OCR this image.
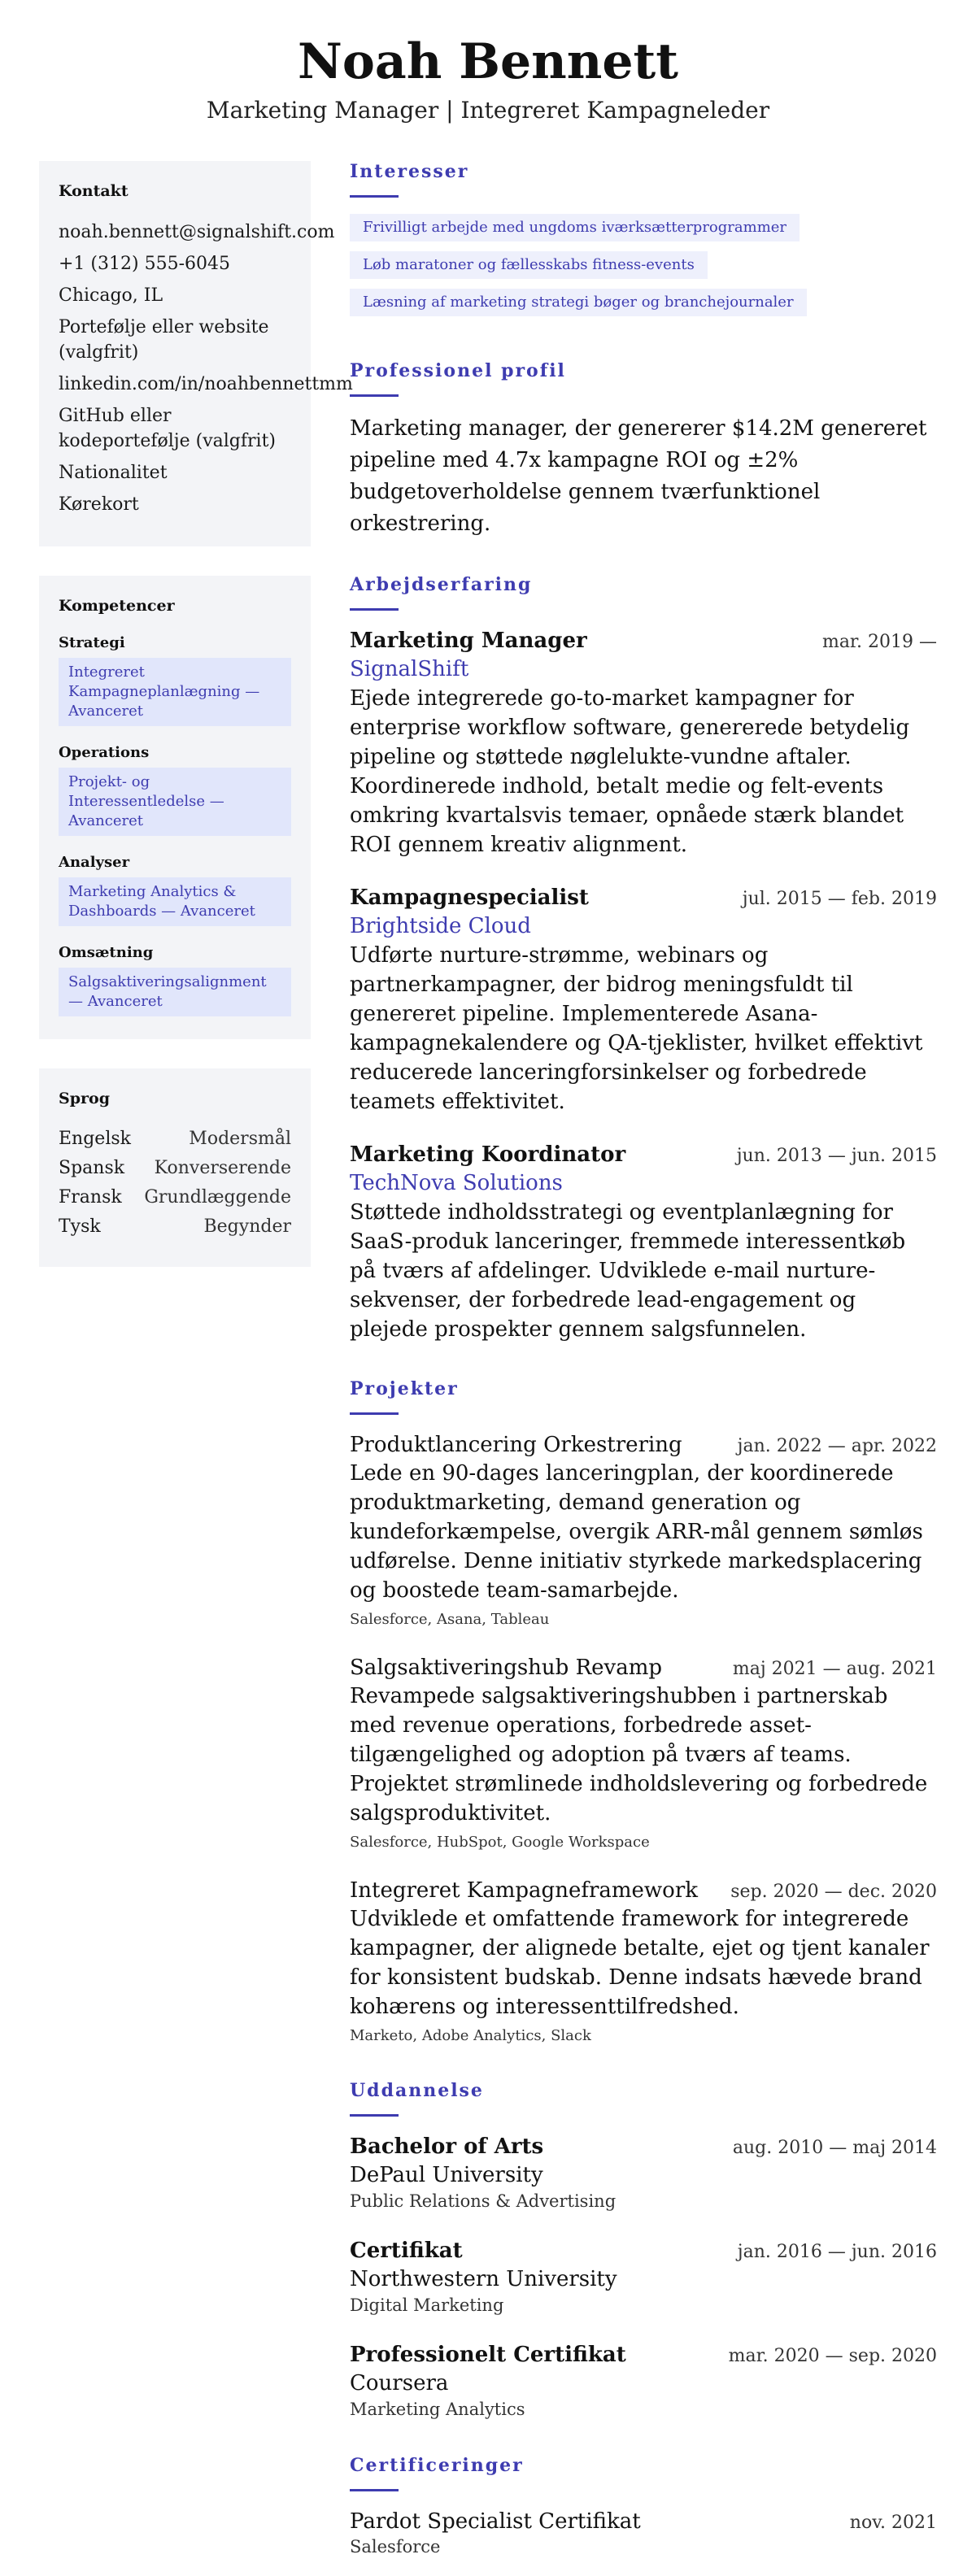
Noah Bennett
Marketing Manager | Integreret Kampagneleder
Kontakt
noah.bennett@signalshift.com
+1 (312) 555-6045
Chicago, IL
Portefølje eller website (valgfrit)
linkedin.com/in/noahbennettmm
GitHub eller kodeportefølje (valgfrit)
Nationalitet
Kørekort
Kompetencer
Strategi
Integreret Kampagneplanlægning — Avanceret
Operations
Projekt- og Interessentledelse — Avanceret
Analyser
Marketing Analytics & Dashboards — Avanceret
Omsætning
Salgsaktiveringsalignment — Avanceret
Sprog
Engelsk	Modersmål
Spansk Konverserende
Fransk Grundlæggende
Tysk	Begynder
Interesser
Frivilligt arbejde med ungdoms iværksætterprogrammer
Løb maratoner og fællesskabs fitness-events
Læsning af marketing strategi bøger og branchejournaler
Professionel profil
Marketing manager, der genererer $14.2M genereret pipeline med 4.7x kampagne ROI og ±2% budgetoverholdelse gennem tværfunktionel orkestrering.
Arbejdserfaring
Marketing Manager	mar. 2019 —
SignalShift
Ejede integrerede go-to-market kampagner for enterprise workflow software, genererede betydelig pipeline og støttede nøglelukte-vundne aftaler. Koordinerede indhold, betalt medie og felt-events omkring kvartalsvis temaer, opnåede stærk blandet ROI gennem kreativ alignment.
Kampagnespecialist	jul. 2015 — feb. 2019
Brightside Cloud
Udførte nurture-strømme, webinars og partnerkampagner, der bidrog meningsfuldt til genereret pipeline. Implementerede Asana-kampagnekalendere og QA-tjeklister, hvilket effektivt reducerede lanceringforsinkelser og forbedrede teamets effektivitet.
Marketing Koordinator	jun. 2013 — jun. 2015
TechNova Solutions
Støttede indholdsstrategi og eventplanlægning for SaaS-produk lanceringer, fremmede interessentkøb på tværs af afdelinger. Udviklede e-mail nurture-sekvenser, der forbedrede lead-engagement og plejede prospekter gennem salgsfunnelen.
Projekter
Produktlancering Orkestrering	jan. 2022 — apr. 2022
Lede en 90-dages lanceringplan, der koordinerede produktmarketing, demand generation og kundeforkæmpelse, overgik ARR-mål gennem sømløs udførelse. Denne initiativ styrkede markedsplacering og boostede team-samarbejde.
Salesforce, Asana, Tableau
Salgsaktiveringshub Revamp	maj 2021 — aug. 2021
Revampede salgsaktiveringshubben i partnerskab med revenue operations, forbedrede asset-tilgængelighed og adoption på tværs af teams. Projektet strømlinede indholdslevering og forbedrede salgsproduktivitet.
Salesforce, HubSpot, Google Workspace
Integreret Kampagneframework sep. 2020 — dec. 2020
Udviklede et omfattende framework for integrerede kampagner, der alignede betalte, ejet og tjent kanaler for konsistent budskab. Denne indsats hævede brand kohærens og interessenttilfredshed.
Marketo, Adobe Analytics, Slack
Uddannelse
Bachelor of Arts	aug. 2010 — maj 2014
DePaul University
Public Relations & Advertising
Certifikat	jan. 2016 — jun. 2016
Northwestern University
Digital Marketing
Professionelt Certifikat	mar. 2020 — sep. 2020
Coursera
Marketing Analytics
Certificeringer
Pardot Specialist Certifikat	nov. 2021
Salesforce
